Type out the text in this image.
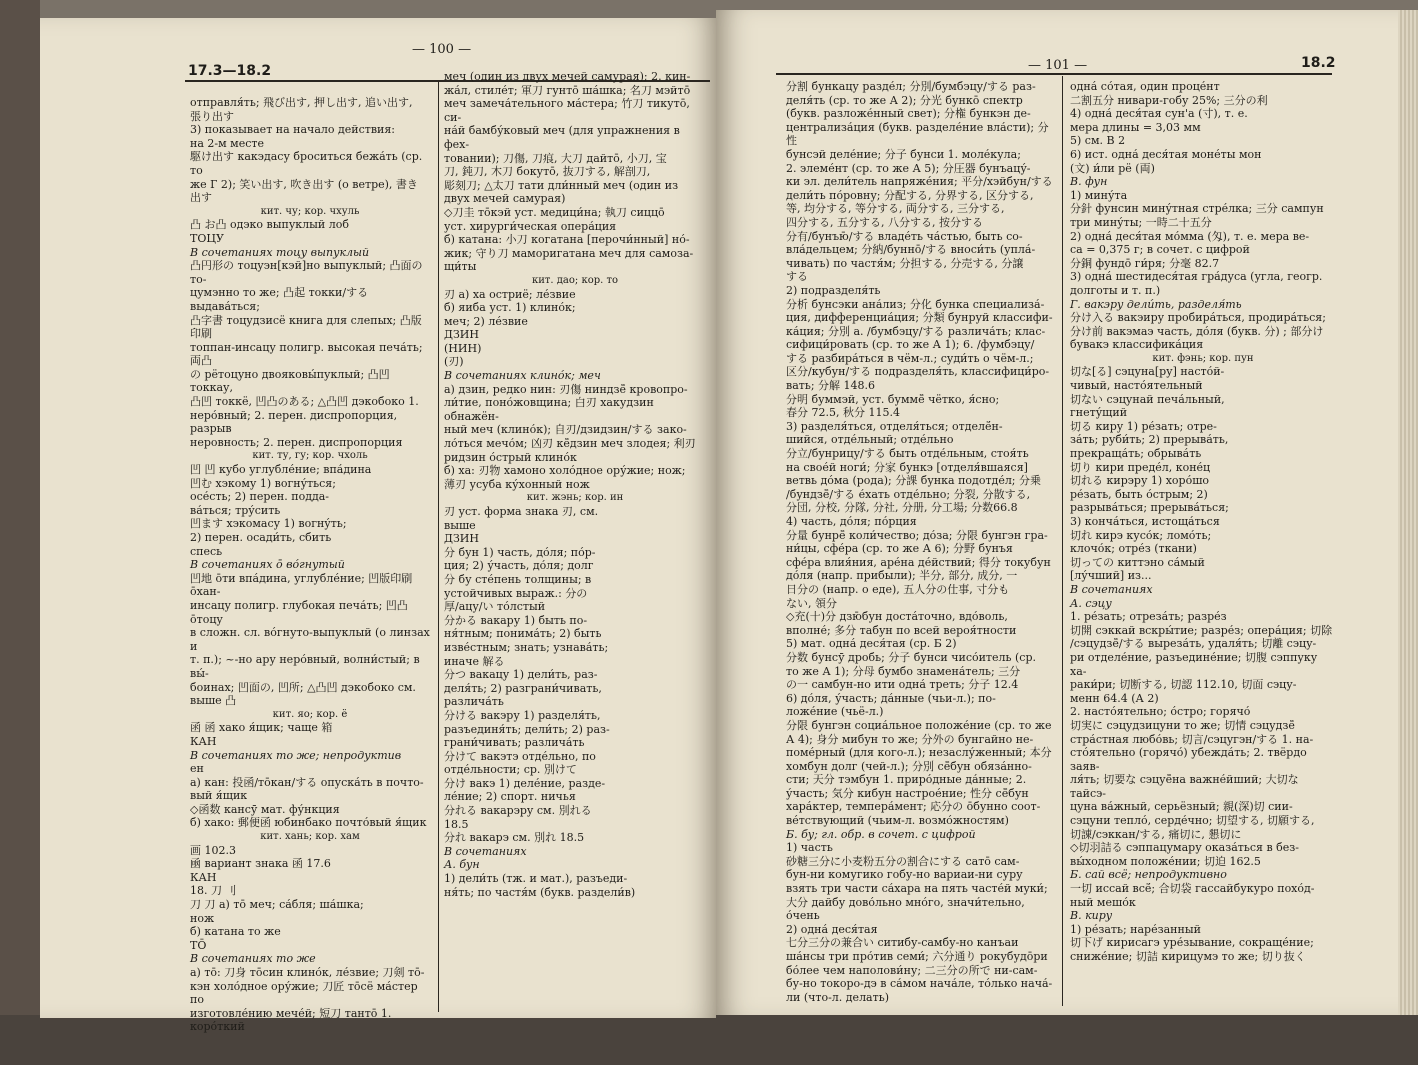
— 100 —
17.3—18.2

отправля́ть; 飛び出す, 押し出す, 追い出す,

張り出す

3) показывает на начало действия:

на 2-м месте

駆け出す какэдасу броситься бежа́ть (ср. то

же Г 2); 笑い出す, 吹き出す (о ветре), 書き

出す

кит. чу; кор. чхуль

凸 お凸 одэко выпуклый лоб

ТОЦУ

В сочетаниях тоцу выпуклый

凸円形の тоцуэн[кэй]но выпуклый; 凸面の то-

цумэнно то же; 凸起 токки/する выдава́ться;

凸字書 тоцудзисё книга для слепых; 凸版印刷

топпан-инсацу полигр. высокая печа́ть; 両凸

の рётоцуно двояковы́пуклый; 凸凹 токкау,

凸凹 токкё, 凹凸のある; △凸凹 дэкобоко 1.

неро́вный; 2. перен. диспропорция, разрыв

неровность; 2. перен. диспропорция

кит. ту, гу; кор. чхоль

凹 凹 кубо углубле́ние; впа́дина

凹む хэкому 1) вогну́ться;

осе́сть; 2) перен. подда-

ва́ться; тру́сить

凹ます хэкомасу 1) вогну́ть;

2) перен. осади́ть, сбить

спесь

В сочетаниях ō во́гнутый

凹地 о̄ти впа́дина, углубле́ние; 凹版印刷 о̄хан-

инсацу полигр. глубокая печа́ть; 凹凸 о̄тоцу

в сложн. сл. во́гнуто-выпуклый (о линзах и

т. п.); ~-но ару неро́вный, волни́стый; в вы́-

боинах; 凹面の, 凹所; △凸凹 дэкобоко см.

выше 凸

кит. яо; кор. ё

函 函 хако я́щик; чаще 箱

КАН

В сочетаниях то же; непродуктив

ен

а) кан: 投函/то̄кан/する опуска́ть в почто-

вый я́щик

◇函数 кансӯ мат. фу́нкция

б) хако: 郵便函 юбинбако почто́вый я́щик

кит. хань; кор. хам

画 102.3

凾 вариант знака 函 17.6

КАН

18. 刀 刂

刀 刀 а) то̄ меч; са́бля; ша́шка;

нож

б) катана то же

ТŌ

В сочетаниях то же

а) то̄: 刀身 то̄син клино́к, ле́звие; 刀剣 то̄-

кэн холо́дное ору́жие; 刀匠 то̄сё ма́стер по

изготовле́нию мече́й; 短刀 танто̄ 1. коро́ткий

меч (один из двух мечей самурая); 2. кин-

жа́л, стиле́т; 軍刀 гунто̄ ша́шка; 名刀 мэйто̄

меч замеча́тельного ма́стера; 竹刀 тикуто̄, си-

на́й бамбу́ковый меч (для упражнения в фех-

товании); 刀傷, 刀痕, 大刀 дайто̄, 小刀, 宝

刀, 鈍刀, 木刀 бокуто̄, 抜刀する, 解剖刀,

彫刻刀; △太刀 тати дли́нный меч (один из

двух мечей самурая)

◇刀圭 то̄кэй уст. медици́на; 執刀 сиццо̄

уст. хирурги́ческая опера́ция

б) катана: 小刀 когатана [перочи́нный] но́-

жик; 守り刀 маморигатана меч для самоза-

щи́ты

кит. дао; кор. то

刃 а) ха остриё; ле́звие

б) яиба уст. 1) клино́к;

меч; 2) ле́звие

ДЗИН

(НИН)

(刃)

В сочетаниях клино́к; меч

а) дзин, редко нин: 刃傷 ниндзё̄ кровопро-

ли́тие, поно́жовщина; 白刃 хакудзин обнажён-

ный меч (клино́к); 自刃/дзидзин/する зако-

ло́ться мечо́м; 凶刃 кё̄дзин меч злодея; 利刃

ридзин о́стрый клино́к

б) ха: 刃物 хамоно холо́дное ору́жие; нож;

薄刃 усуба ку́хонный нож

кит. жэнь; кор. ин

刃 уст. форма знака 刃, см.

выше

ДЗИН

分 бун 1) часть, до́ля; по́р-

ция; 2) у́часть, до́ля; долг

分 бу сте́пень толщины; в

устойчивых выраж.: 分の

厚/ацу/い то́лстый

分かる вакару 1) быть по-

ня́тным; понима́ть; 2) быть

изве́стным; знать; узнава́ть;

иначе 解る

分つ вакацу 1) дели́ть, раз-

деля́ть; 2) разграни́чивать,

различа́ть

分ける вакэру 1) разделя́ть,

разъединя́ть; дели́ть; 2) раз-

грани́чивать; различа́ть

分けて вакэтэ отде́льно, по

отде́льности; ср. 別けて

分け вакэ 1) деле́ние, разде-

ле́ние; 2) спорт. ничья

分れる вакарэру см. 別れる

18.5

分れ вакарэ см. 別れ 18.5

В сочетаниях

А. бун

1) дели́ть (тж. и мат.), разъеди-

ня́ть; по частя́м (букв. раздели́в)

— 101 —	18.2

分割 бункацу разде́л; 分別/бумбэцу/する раз-

деля́ть (ср. то же А 2); 分光 бунко̄ спектр

(букв. разложе́нный свет); 分権 бункэн де-

централиза́ция (букв. разделе́ние вла́сти); 分性

бунсэй деле́ние; 分子 бунси 1. моле́кула;

2. элеме́нт (ср. то же А 5); 分圧器 бунъацу́-

ки эл. дели́тель напряже́ния; 平分/хэйбун/する

дели́ть по́ровну; 分配する, 分界する, 区分する,

等, 均分する, 等分する, 両分する, 三分する,

四分する, 五分する, 八分する, 按分する

分有/бунъю̄/する владе́ть ча́стью, быть со-

вла́дельцем; 分納/бунно̄/する вноси́ть (упла́-

чивать) по частя́м; 分担する, 分売する, 分譲

する

2) подразделя́ть

分析 бунсэки ана́лиз; 分化 бунка специализа́-

ция, дифференциа́ция; 分類 бунруй классифи-

ка́ция; 分別 а. /бумбэцу/する различа́ть; клас-

сифици́ровать (ср. то же А 1); 6. /фумбэцу/

する разбира́ться в чём-л.; суди́ть о чём-л.;

区分/кубун/する подразделя́ть, классифици́ро-

вать; 分解 148.6

分明 буммэй, уст. буммё̄ чётко, я́сно;

春分 72.5, 秋分 115.4

3) разделя́ться, отделя́ться; отделё́н-

шийся, отде́льный; отде́льно

分立/бунрицу/する быть отде́льным, стоя́ть

на свое́й ноги́; 分家 бункэ [отделя́вшаяся]

ветвь до́ма (рода); 分課 бунка подотде́л; 分乗

/бундзё̄/する е́хать отде́льно; 分裂, 分散する,

分団, 分校, 分隊, 分社, 分册, 分工場; 分数66.8

4) часть, до́ля; по́рция

分量 бунрё̄ коли́чество; до́за; 分限 бунгэн гра-

ни́цы, сфе́ра (ср. то же А 6); 分野 бунъя

сфе́ра влия́ния, аре́на де́йствий; 得分 токубун

до́ля (напр. прибыли); 半分, 部分, 成分, 一

日分の (напр. о еде), 五人分の仕事, 寸分も

ない, 領分

◇充(十)分 дзю̄бун доста́точно, вдо́воль,

вполне́; 多分 табун по всей вероя́тности

5) мат. одна́ деся́тая (ср. Б 2)

分数 бунсӯ дробь; 分子 бунси чисо́итель (ср.

то же А 1); 分母 бумбо знамена́тель; 三分

の一 самбун-но ити одна́ треть; 分子 12.4

6) до́ля, у́часть; да́нные (чьи-л.); по-

ложе́ние (чьё-л.)

分限 бунгэн социа́льное положе́ние (ср. то же

А 4); 身分 мибун то же; 分外の бунгайно не-

поме́рный (для кого-л.); незаслу́женный; 本分

хомбун долг (чей-л.); 分別 сё̄бун обяза́нно-

сти; 天分 тэмбун 1. приро́дные да́нные; 2.

у́часть; 気分 кибун настрое́ние; 性分 сё̄бун

хара́ктер, темпера́мент; 応分の о̄бунно соот-

ве́тствующий (чьим-л. возмо́жностям)

Б. бу; гл. обр. в сочет. с цифрой

1) часть

砂糖三分に小麦粉五分の割合にする сато̄ сам-

бун-ни комугико гобу-но вариаи-ни суру

взять три части са́хара на пять часте́й муки́;

大分 дайбу дово́льно мно́го, значи́тельно,

о́чень

2) одна́ деся́тая

七分三分の兼合い ситибу-самбу-но канъаи

ша́нсы три про́тив семи́; 六分通り рокубудо̄ри

бо́лее чем наполови́ну; 二三分の所で ни-сам-

бу-но токоро-дэ в са́мом нача́ле, то́лько нача́-

ли (что-л. делать)

одна́ со́тая, один проце́нт

二割五分 нивари-гобу 25%; 三分の利

4) одна́ деся́тая сун'а (寸), т. е.

мера длины = 3,03 мм

5) см. В 2

6) ист. одна́ деся́тая моне́ты мон

(文) и́ли рё (両)

В. фун

1) мину́та

分針 фунсин мину́тная стре́лка; 三分 сампун

три мину́ты; 一時二十五分

2) одна́ деся́тая мо́мма (匁), т. е. мера ве-

са = 0,375 г; в сочет. с цифрой

分銅 фундо̄ ги́ря; 分毫 82.7

3) одна́ шестидеся́тая гра́дуса (угла, геогр.

долготы и т. п.)

Г. вакэру дели́ть, разделя́ть

分け入る вакэиру пробира́ться, продира́ться;

分け前 вакэмаэ часть, до́ля (букв. 分) ; 部分け

бувакэ классифика́ция

кит. фэнь; кор. пун

切な[る] сэцуна[ру] насто́й-

чивый, насто́ятельный

切ない сэцунай печа́льный,

гнету́щий

切る киру 1) ре́зать; отре-

за́ть; руби́ть; 2) прерыва́ть,

прекраща́ть; обрыва́ть

切り кири преде́л, коне́ц

切れる кирэру 1) хоро́шо

ре́зать, быть о́стрым; 2)

разрыва́ться; прерыва́ться;

3) конча́ться, истоща́ться

切れ кирэ кусо́к; ломо́ть;

клочо́к; отре́з (ткани)

切っての киттэно са́мый

[лу́чший] из...

В сочетаниях

А. сэцу

1. ре́зать; отреза́ть; разре́з

切開 сэккай вскры́тие; разре́з; опера́ция; 切除

/сэцудзё̄/する выреза́ть, удаля́ть; 切離 сэцу-

ри отделе́ние, разъедине́ние; 切腹 сэппуку ха-

раки́ри; 切断する, 切認 112.10, 切面 сэцу-

менн 64.4 (А 2)

2. насто́ятельно; о́стро; горячо́

切実に сэцудзицуни то же; 切情 сэцудзё̄

стра́стная любо́вь; 切言/сэцугэн/する 1. на-

сто́ятельно (горячо́) убежда́ть; 2. твёрдо заяв-

ля́ть; 切要な сэцуё̄на важне́йший; 大切な тайсэ-

цуна ва́жный, серьёзный; 親(深)切 сии-

сэцуни тепло́, серде́чно; 切望する, 切願する,

切諌/сэккан/する, 痛切に, 懇切に

◇切羽詰る сэппацумару оказа́ться в без-

вы́ходном положе́нии; 切迫 162.5

Б. сай всё; непродуктивно

一切 иссай всё́; 合切袋 гассайбукуро похо́д-

ный мешо́к

В. киру

1) ре́зать; наре́занный

切下げ кирисагэ уре́зывание, сокраще́ние;

сниже́ние; 切詰 кирицумэ то же; 切り抜く
